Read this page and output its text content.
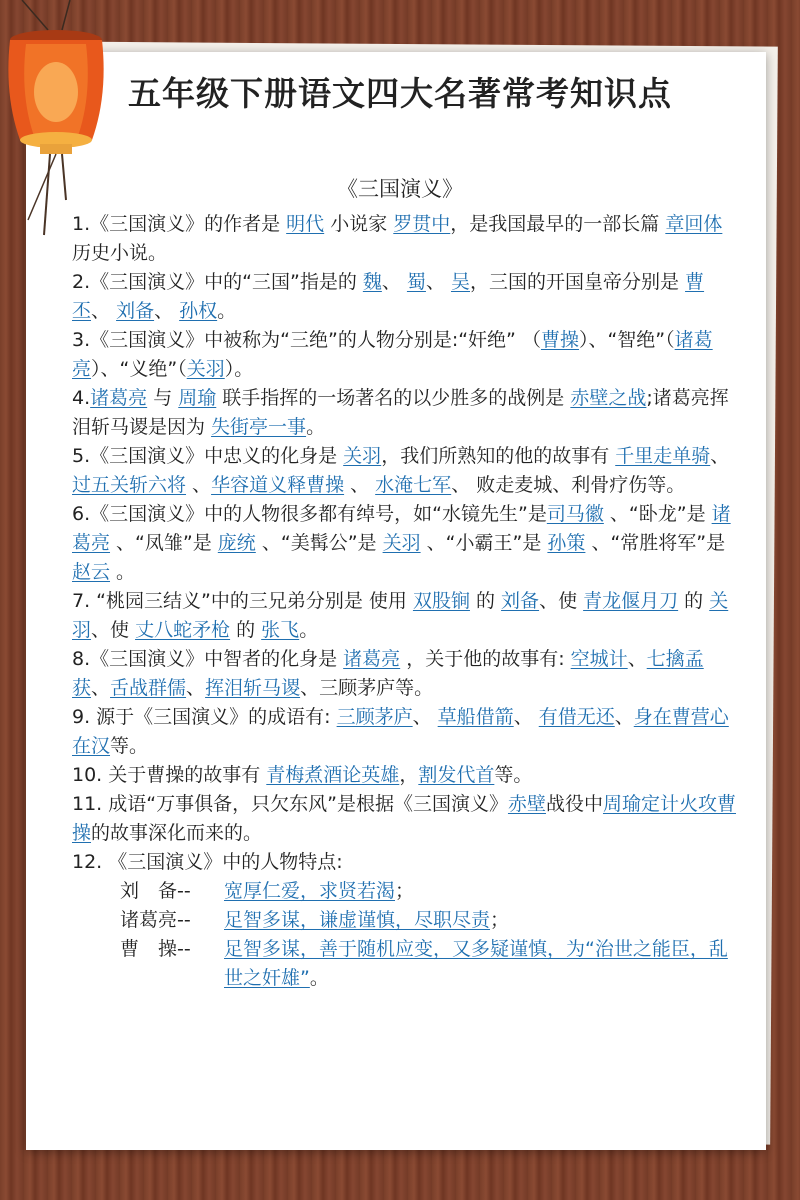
五年级下册语文四大名著常考知识点
《三国演义》
1.《三国演义》的作者是 明代 小说家 罗贯中，是我国最早的一部长篇 章回体 历史小说。
2.《三国演义》中的“三国”指是的 魏、 蜀、 吴，三国的开国皇帝分别是 曹丕、 刘备、 孙权。
3.《三国演义》中被称为“三绝”的人物分别是:“奸绝” （曹操）、“智绝”（诸葛亮）、“义绝”（关羽）。
4.诸葛亮 与 周瑜 联手指挥的一场著名的以少胜多的战例是 赤壁之战;诸葛亮挥泪斩马谡是因为 失街亭一事。
5.《三国演义》中忠义的化身是 关羽，我们所熟知的他的故事有 千里走单骑、 过五关斩六将 、华容道义释曹操 、 水淹七军、 败走麦城、利骨疗伤等。
6.《三国演义》中的人物很多都有绰号，如“水镜先生”是司马徽 、“卧龙”是 诸葛亮 、“凤雏”是 庞统 、“美髯公”是 关羽 、“小霸王”是 孙策 、“常胜将军”是 赵云 。
7. “桃园三结义”中的三兄弟分别是 使用 双股锏 的 刘备、使 青龙偃月刀 的 关羽、使 丈八蛇矛枪 的 张飞。
8.《三国演义》中智者的化身是 诸葛亮 ，关于他的故事有: 空城计、七擒孟获、舌战群儒、挥泪斩马谡、三顾茅庐等。
9. 源于《三国演义》的成语有: 三顾茅庐、 草船借箭、 有借无还、身在曹营心在汉等。
10. 关于曹操的故事有 青梅煮酒论英雄，割发代首等。
11. 成语“万事俱备，只欠东风”是根据《三国演义》赤壁战役中周瑜定计火攻曹操的故事深化而来的。
12. 《三国演义》中的人物特点:
刘　备--	宽厚仁爱，求贤若渴；
诸葛亮--	足智多谋，谦虚谨慎，尽职尽责；
曹　操--	足智多谋，善于随机应变，又多疑谨慎，为“治世之能臣，乱世之奸雄”。
